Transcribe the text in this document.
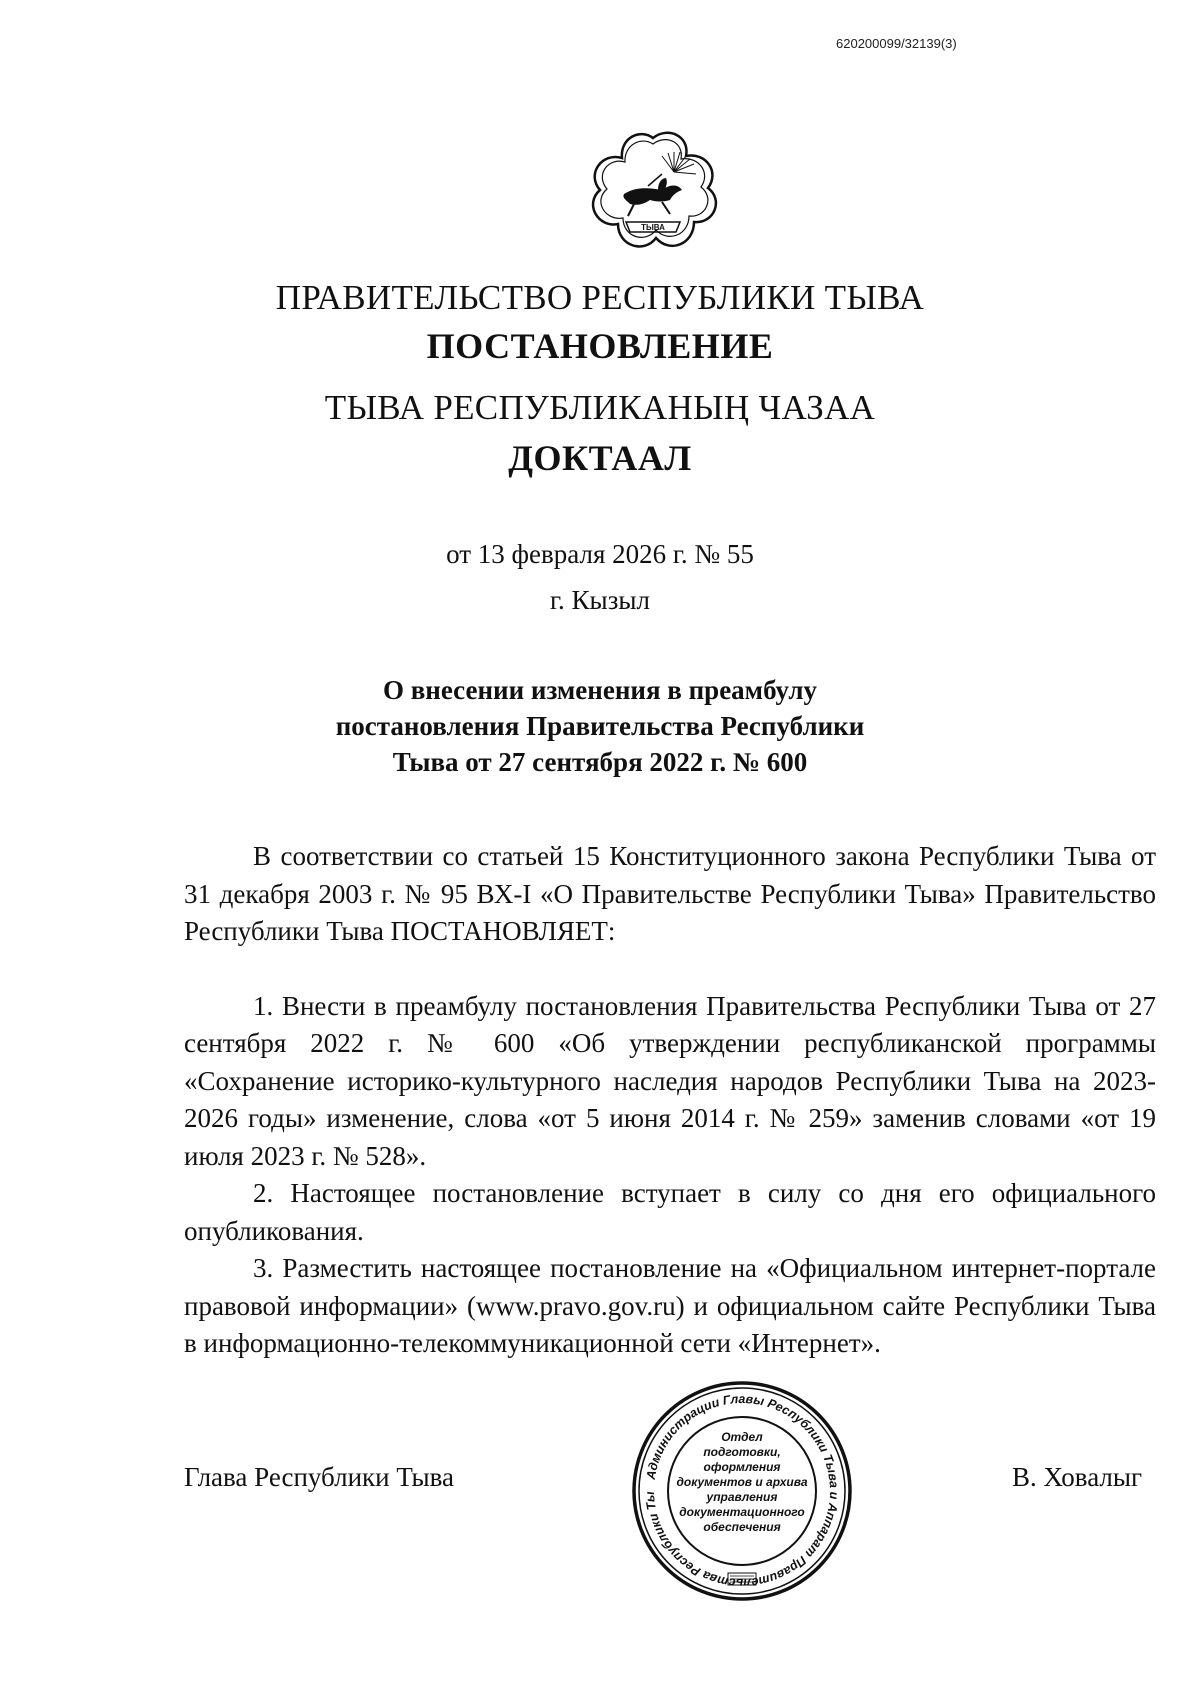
620200099/32139(3)
ТЫВА
ПРАВИТЕЛЬСТВО РЕСПУБЛИКИ ТЫВА
ПОСТАНОВЛЕНИЕ
ТЫВА РЕСПУБЛИКАНЫҢ ЧАЗАА
ДОКТААЛ
от 13 февраля 2026 г. № 55
г. Кызыл
О внесении изменения в преамбулу
постановления Правительства Республики
Тыва от 27 сентября 2022 г. № 600

В соответствии со статьей 15 Конституционного закона Республики Тыва от 31 декабря 2003 г. № 95 ВХ-I «О Правительстве Республики Тыва» Правительство Республики Тыва ПОСТАНОВЛЯЕТ:

1. Внести в преамбулу постановления Правительства Республики Тыва от 27 сентября 2022 г. № 600 «Об утверждении республиканской программы «Сохранение историко-культурного наследия народов Республики Тыва на 2023-2026 годы» изменение, слова «от 5 июня 2014 г. № 259» заменив словами «от 19 июля 2023 г. № 528».

2. Настоящее постановление вступает в силу со дня его официального опубликования.

3. Разместить настоящее постановление на «Официальном интернет-портале правовой информации» (www.pravo.gov.ru) и официальном сайте Республики Тыва в информационно-телекоммуникационной сети «Интернет».

Глава Республики Тыва	В. Ховалыг
Администрации Главы Республики Тыва и Аппарат Правительства Республики Ты
Отдел
подготовки,
оформления
документов и архива
управления
документационного
обеспечения
